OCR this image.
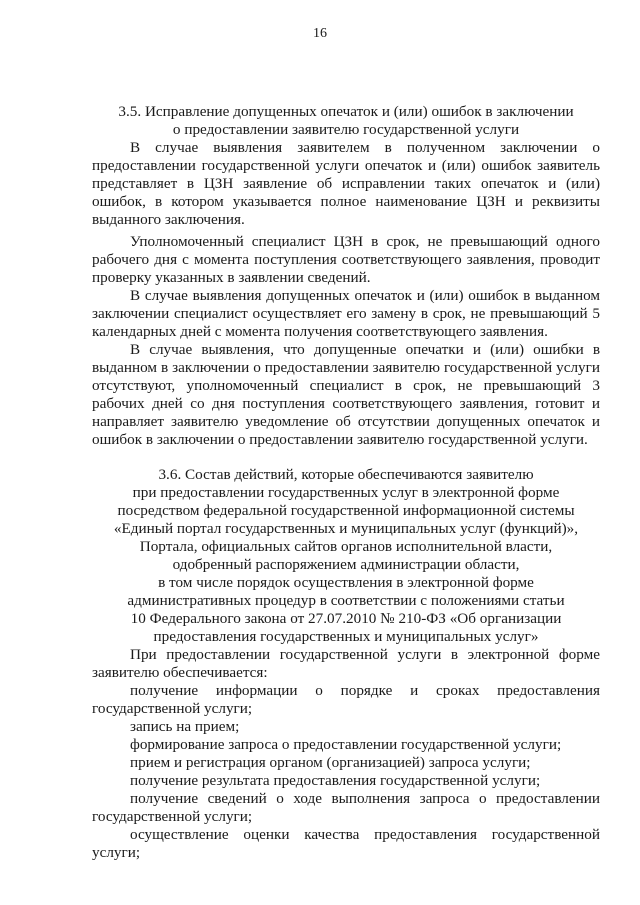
16

3.5. Исправление допущенных опечаток и (или) ошибок в заключении

о предоставлении заявителю государственной услуги

В случае выявления заявителем в полученном заключении о предоставлении государственной услуги опечаток и (или) ошибок заявитель представляет в ЦЗН заявление об исправлении таких опечаток и (или) ошибок, в котором указывается полное наименование ЦЗН и реквизиты выданного заключения.

Уполномоченный специалист ЦЗН в срок, не превышающий одного рабочего дня с момента поступления соответствующего заявления, проводит проверку указанных в заявлении сведений.

В случае выявления допущенных опечаток и (или) ошибок в выданном заключении специалист осуществляет его замену в срок, не превышающий 5 календарных дней с момента получения соответствующего заявления.

В случае выявления, что допущенные опечатки и (или) ошибки в выданном в заключении о предоставлении заявителю государственной услуги отсутствуют, уполномоченный специалист в срок, не превышающий 3 рабочих дней со дня поступления соответствующего заявления, готовит и направляет заявителю уведомление об отсутствии допущенных опечаток и ошибок в заключении о предоставлении заявителю государственной услуги.

3.6. Состав действий, которые обеспечиваются заявителю

при предоставлении государственных услуг в электронной форме

посредством федеральной государственной информационной системы

«Единый портал государственных и муниципальных услуг (функций)»,

Портала, официальных сайтов органов исполнительной власти,

одобренный распоряжением администрации области,

в том числе порядок осуществления в электронной форме

административных процедур в соответствии с положениями статьи

10 Федерального закона от 27.07.2010 № 210-ФЗ «Об организации

предоставления государственных и муниципальных услуг»

При предоставлении государственной услуги в электронной форме заявителю обеспечивается:

получение информации о порядке и сроках предоставления государственной услуги;

запись на прием;

формирование запроса о предоставлении государственной услуги;

прием и регистрация органом (организацией) запроса услуги;

получение результата предоставления государственной услуги;

получение сведений о ходе выполнения запроса о предоставлении государственной услуги;

осуществление оценки качества предоставления государственной услуги;
